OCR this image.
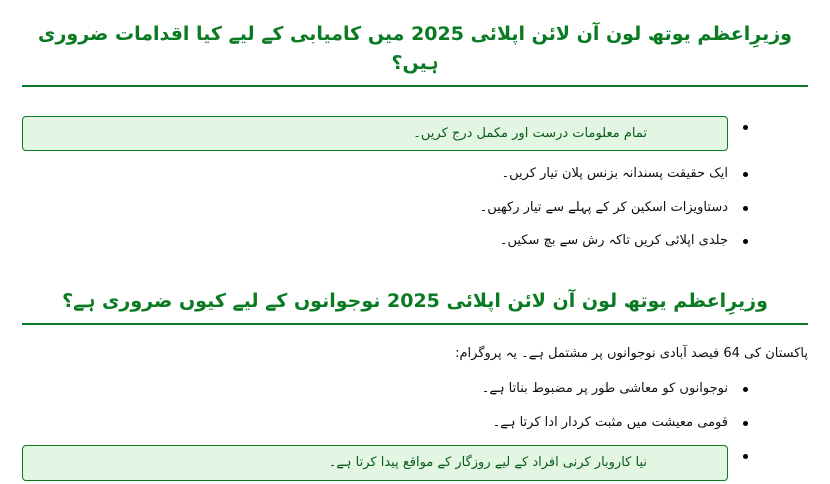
وزیرِاعظم یوتھ لون آن لائن اپلائی 2025 میں کامیابی کے لیے کیا اقدامات ضروری ہیں؟
تمام معلومات درست اور مکمل درج کریں۔
ایک حقیقت پسندانہ بزنس پلان تیار کریں۔
دستاویزات اسکین کر کے پہلے سے تیار رکھیں۔
جلدی اپلائی کریں تاکہ رش سے بچ سکیں۔
وزیرِاعظم یوتھ لون آن لائن اپلائی 2025 نوجوانوں کے لیے کیوں ضروری ہے؟
پاکستان کی 64 فیصد آبادی نوجوانوں پر مشتمل ہے۔ یہ پروگرام:
نوجوانوں کو معاشی طور پر مضبوط بناتا ہے۔
قومی معیشت میں مثبت کردار ادا کرتا ہے۔
نیا کاروبار کرنی افراد کے لیے روزگار کے مواقع پیدا کرتا ہے۔
